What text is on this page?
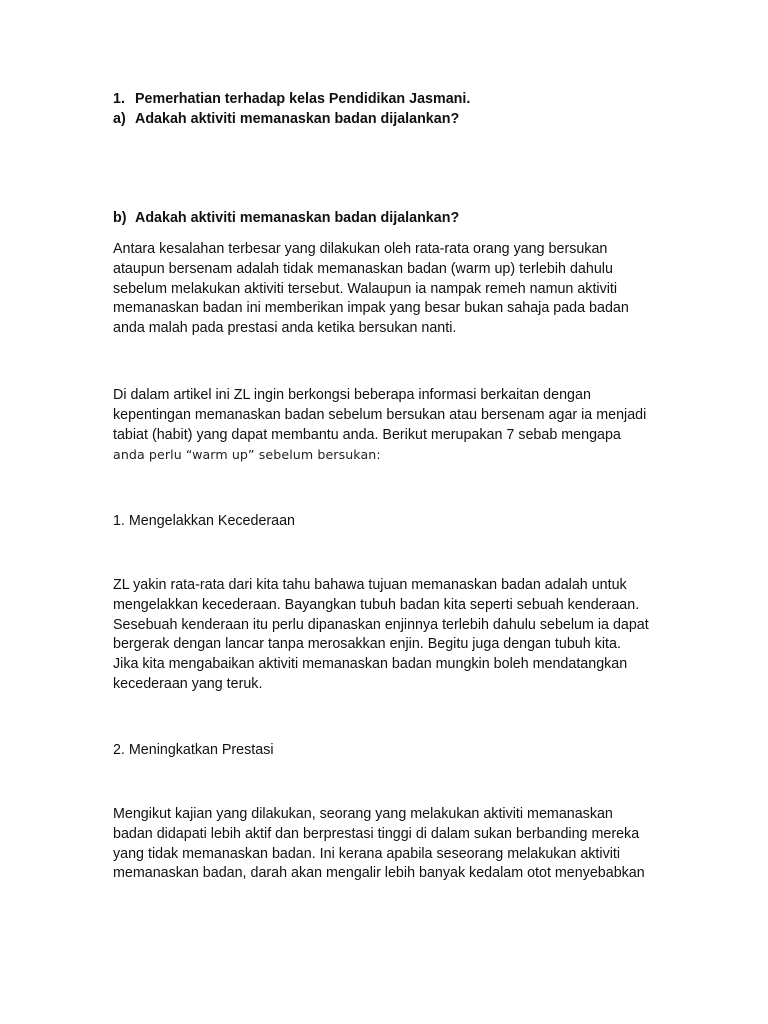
1. Pemerhatian terhadap kelas Pendidikan Jasmani.
a) Adakah aktiviti memanaskan badan dijalankan?
b) Adakah aktiviti memanaskan badan dijalankan?
Antara kesalahan terbesar yang dilakukan oleh rata-rata orang yang bersukan
ataupun bersenam adalah tidak memanaskan badan (warm up) terlebih dahulu
sebelum melakukan aktiviti tersebut. Walaupun ia nampak remeh namun aktiviti
memanaskan badan ini memberikan impak yang besar bukan sahaja pada badan
anda malah pada prestasi anda ketika bersukan nanti.
Di dalam artikel ini ZL ingin berkongsi beberapa informasi berkaitan dengan
kepentingan memanaskan badan sebelum bersukan atau bersenam agar ia menjadi
tabiat (habit) yang dapat membantu anda. Berikut merupakan 7 sebab mengapa
anda perlu “warm up” sebelum bersukan:
1. Mengelakkan Kecederaan
ZL yakin rata-rata dari kita tahu bahawa tujuan memanaskan badan adalah untuk
mengelakkan kecederaan. Bayangkan tubuh badan kita seperti sebuah kenderaan.
Sesebuah kenderaan itu perlu dipanaskan enjinnya terlebih dahulu sebelum ia dapat
bergerak dengan lancar tanpa merosakkan enjin. Begitu juga dengan tubuh kita.
Jika kita mengabaikan aktiviti memanaskan badan mungkin boleh mendatangkan
kecederaan yang teruk.
2. Meningkatkan Prestasi
Mengikut kajian yang dilakukan, seorang yang melakukan aktiviti memanaskan
badan didapati lebih aktif dan berprestasi tinggi di dalam sukan berbanding mereka
yang tidak memanaskan badan. Ini kerana apabila seseorang melakukan aktiviti
memanaskan badan, darah akan mengalir lebih banyak kedalam otot menyebabkan
